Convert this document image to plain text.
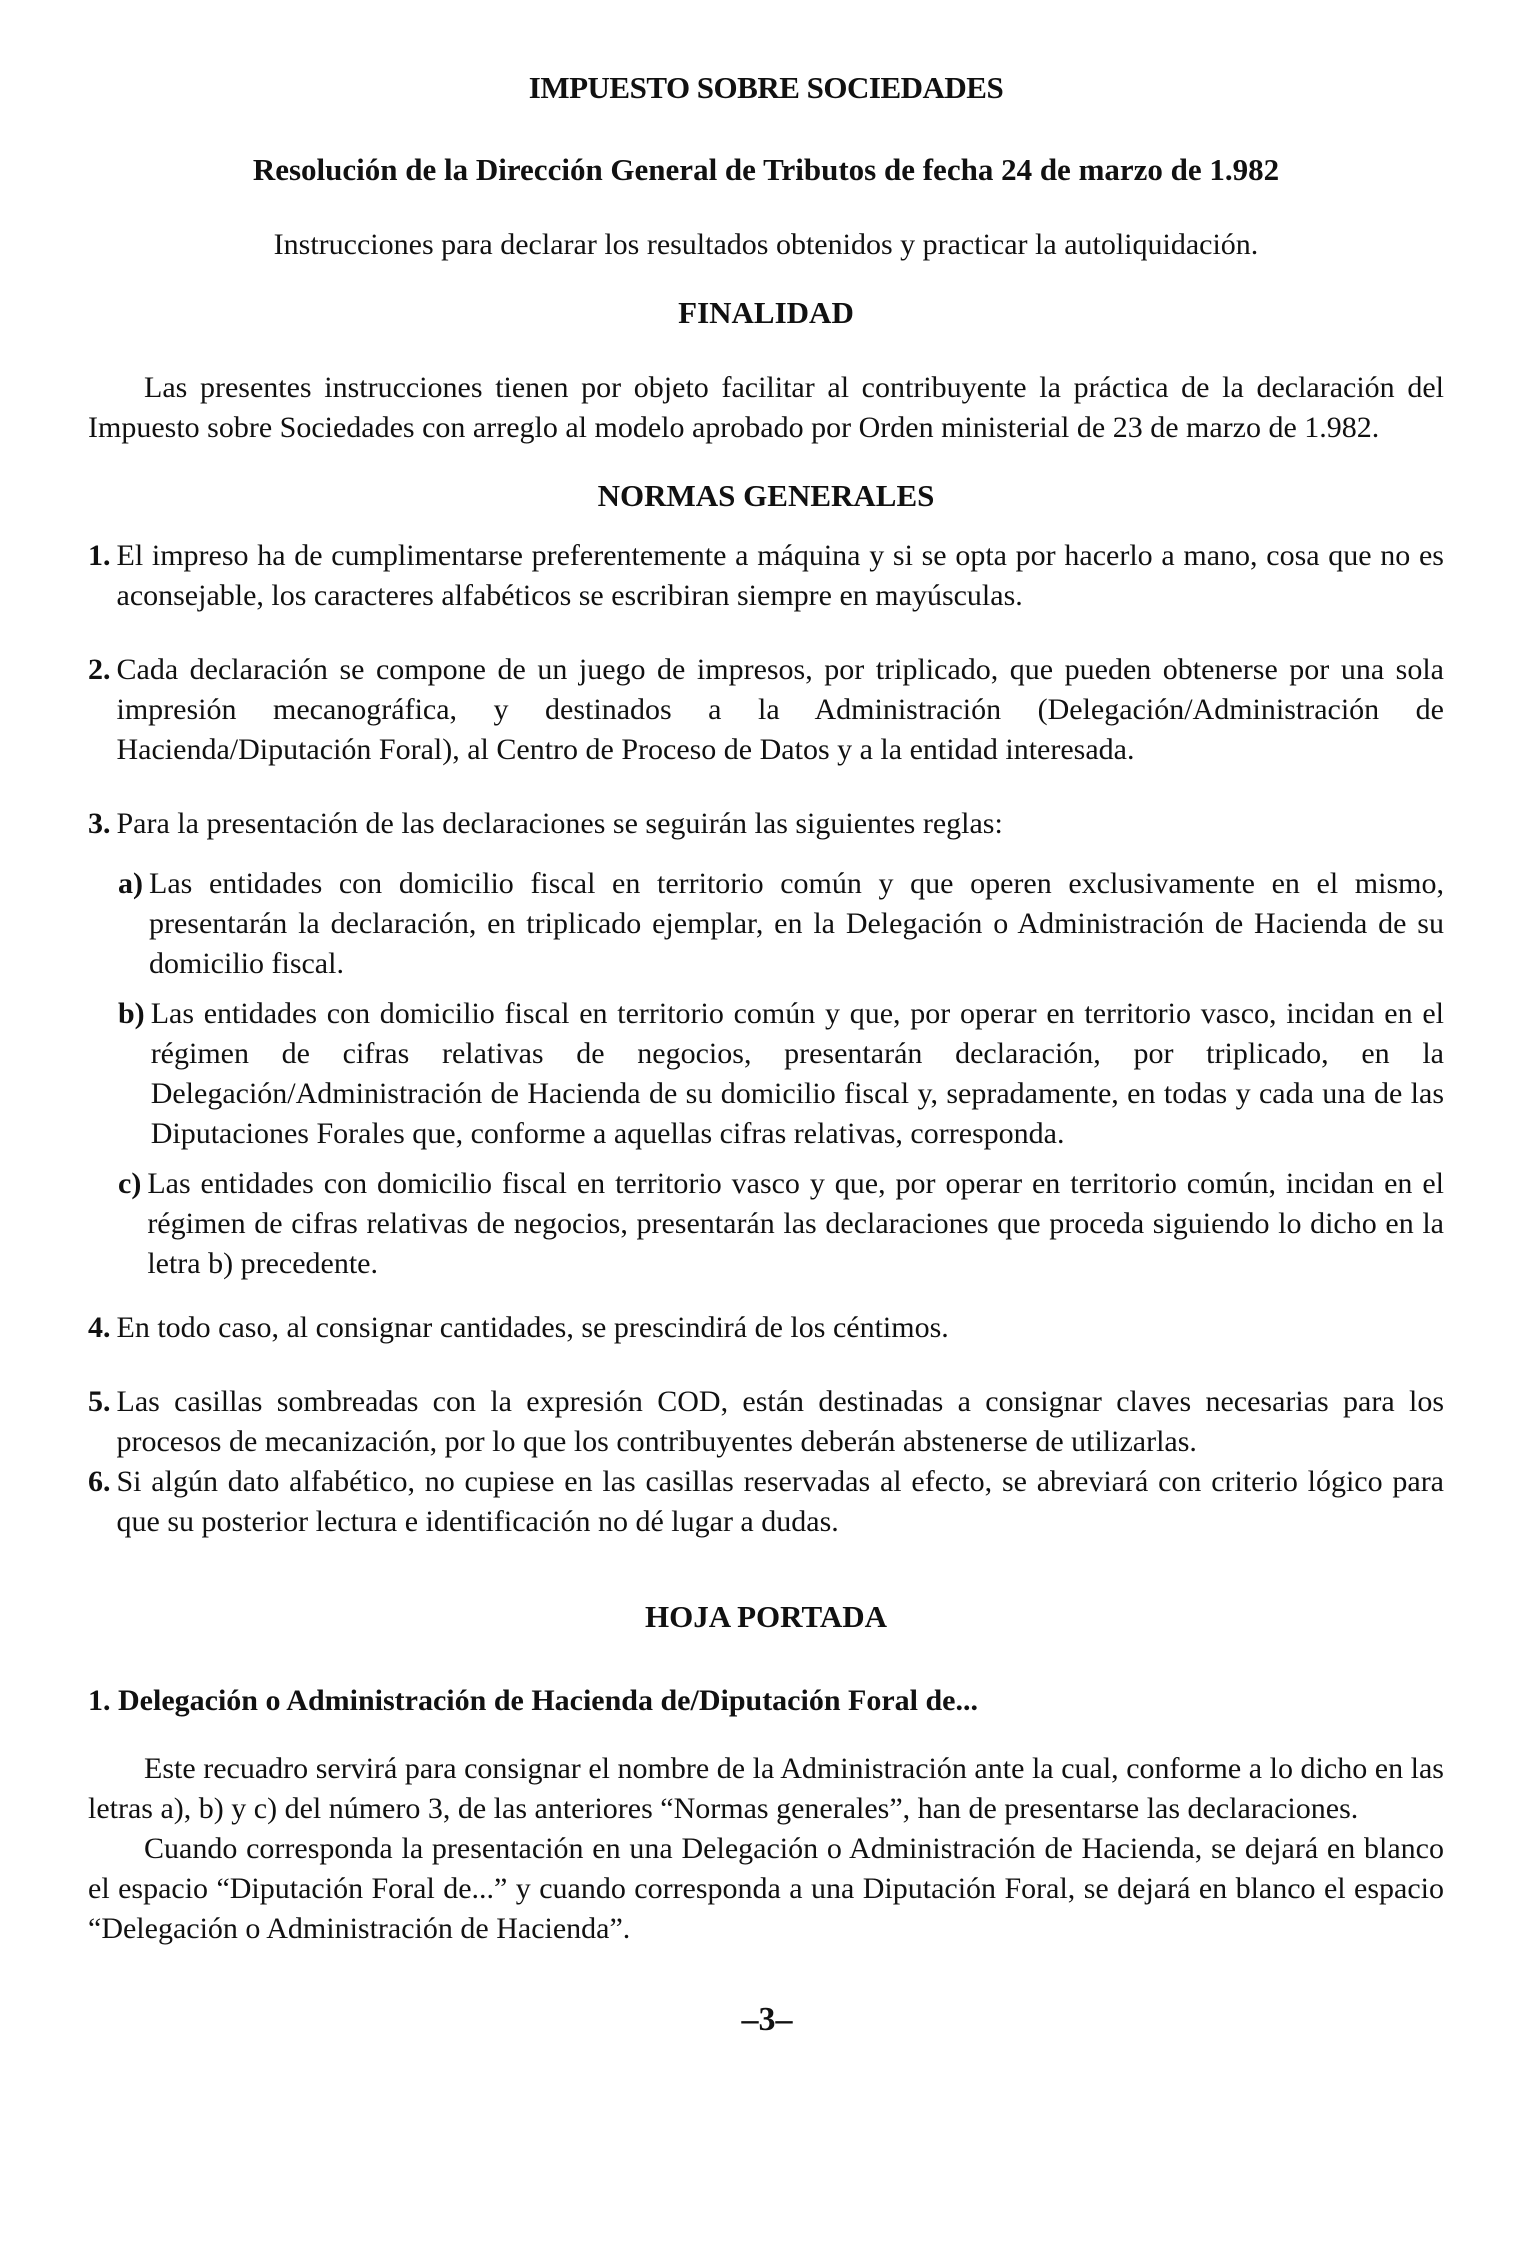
IMPUESTO SOBRE SOCIEDADES
Resolución de la Dirección General de Tributos de fecha 24 de marzo de 1.982
Instrucciones para declarar los resultados obtenidos y practicar la autoliquidación.
FINALIDAD

Las presentes instrucciones tienen por objeto facilitar al contribuyente la práctica de la declaración del Impuesto sobre Sociedades con arreglo al modelo aprobado por Orden ministerial de 23 de marzo de 1.982.

NORMAS GENERALES
1. El impreso ha de cumplimentarse preferentemente a máquina y si se opta por hacerlo a mano, cosa que no es aconsejable, los caracteres alfabéticos se escribiran siempre en mayúsculas.
2. Cada declaración se compone de un juego de impresos, por triplicado, que pueden obtenerse por una sola impresión mecanográfica, y destinados a la Administración (Delegación/Administración de Hacienda/Diputación Foral), al Centro de Proceso de Datos y a la entidad interesada.
3. Para la presentación de las declaraciones se seguirán las siguientes reglas:
a) Las entidades con domicilio fiscal en territorio común y que operen exclusivamente en el mismo, presentarán la declaración, en triplicado ejemplar, en la Delegación o Administración de Hacienda de su domicilio fiscal.
b) Las entidades con domicilio fiscal en territorio común y que, por operar en territorio vasco, incidan en el régimen de cifras relativas de negocios, presentarán declaración, por triplicado, en la Delegación/Administración de Hacienda de su domicilio fiscal y, sepradamente, en todas y cada una de las Diputaciones Forales que, conforme a aquellas cifras relativas, corresponda.
c) Las entidades con domicilio fiscal en territorio vasco y que, por operar en territorio común, incidan en el régimen de cifras relativas de negocios, presentarán las declaraciones que proceda siguiendo lo dicho en la letra b) precedente.
4. En todo caso, al consignar cantidades, se prescindirá de los céntimos.
5. Las casillas sombreadas con la expresión COD, están destinadas a consignar claves necesarias para los procesos de mecanización, por lo que los contribuyentes deberán abstenerse de utilizarlas.
6. Si algún dato alfabético, no cupiese en las casillas reservadas al efecto, se abreviará con criterio lógico para que su posterior lectura e identificación no dé lugar a dudas.
HOJA PORTADA
1. Delegación o Administración de Hacienda de/Diputación Foral de...

Este recuadro servirá para consignar el nombre de la Administración ante la cual, conforme a lo dicho en las letras a), b) y c) del número 3, de las anteriores “Normas generales”, han de presentarse las declaraciones.

Cuando corresponda la presentación en una Delegación o Administración de Hacienda, se dejará en blanco el espacio “Diputación Foral de...” y cuando corresponda a una Diputación Foral, se dejará en blanco el espacio “Delegación o Administración de Hacienda”.

–3–
